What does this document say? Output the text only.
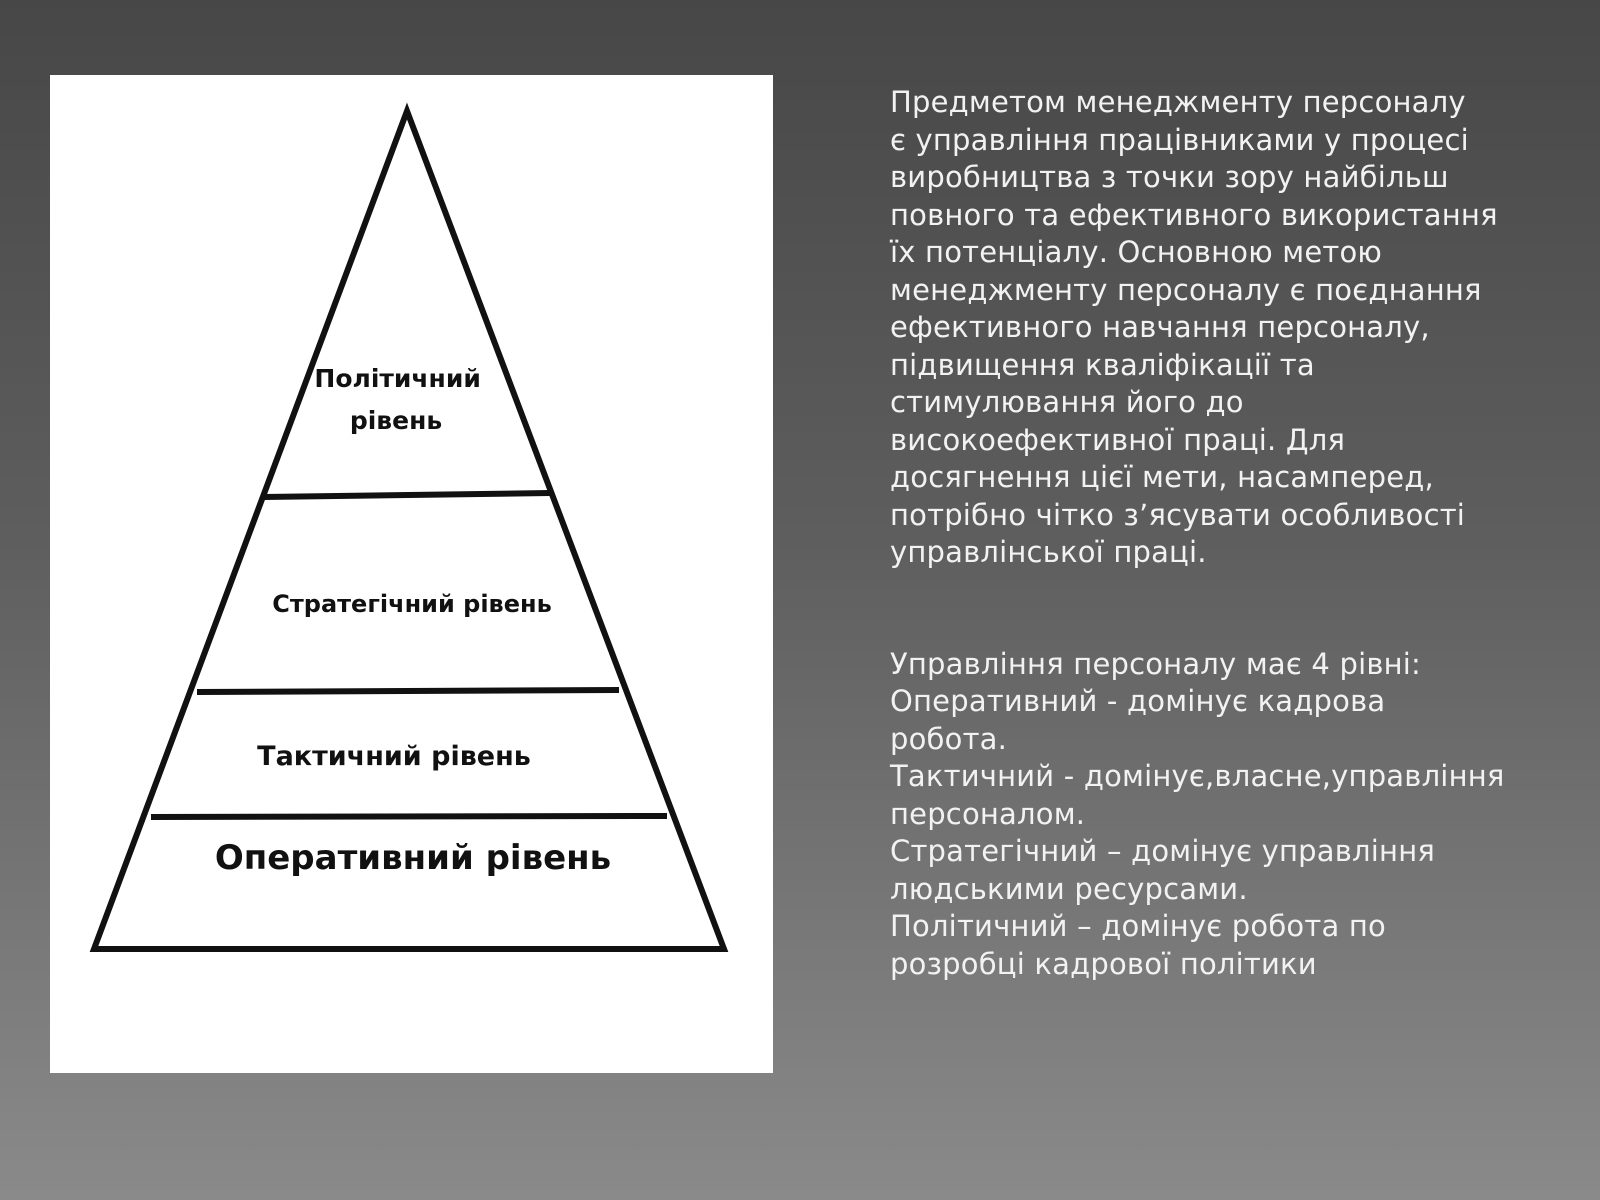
Політичний рівень
Стратегічний рівень
Тактичний рівень
Оперативний рівень

Предметом менеджменту персоналу
є управління працівниками у процесі
виробництва з точки зору найбільш
повного та ефективного використання
їх потенціалу. Основною метою
менеджменту персоналу є поєднання
ефективного навчання персоналу,
підвищення кваліфікації та
стимулювання його до
високоефективної праці. Для
досягнення цієї мети, насамперед,
потрібно чітко з’ясувати особливості
управлінської праці.

Управління персоналу має 4 рівні:

Оперативний - домінує кадрова
робота.

Тактичний - домінує,власне,управління
персоналом.

Стратегічний – домінує управління
людськими ресурсами.

Політичний – домінує робота по
розробці кадрової політики
